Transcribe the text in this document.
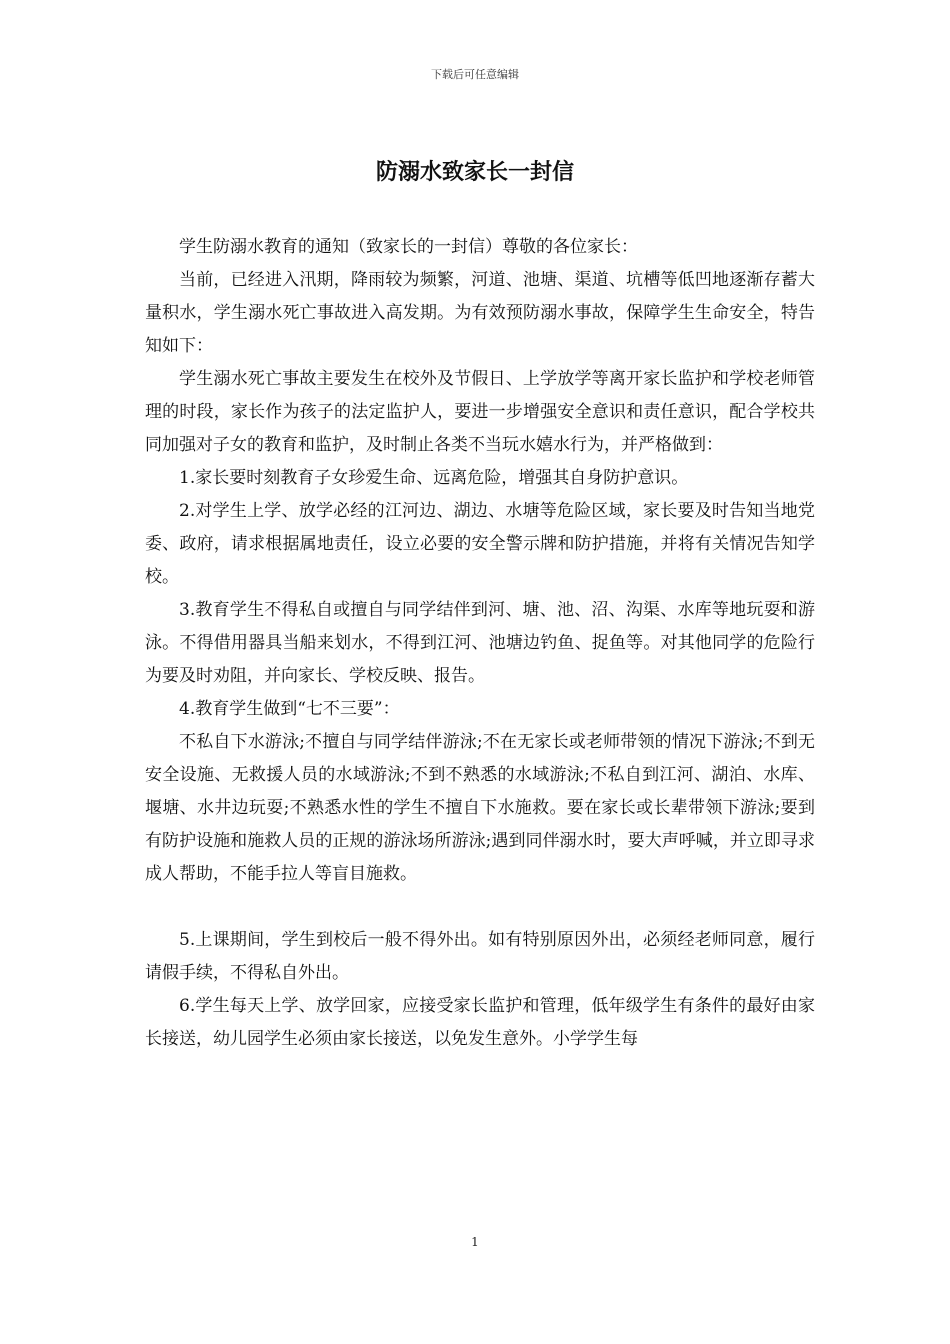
下载后可任意编辑
防溺水致家长一封信

学生防溺水教育的通知（致家长的一封信）尊敬的各位家长：

当前，已经进入汛期，降雨较为频繁，河道、池塘、渠道、坑槽等低凹地逐渐存蓄大量积水，学生溺水死亡事故进入高发期。为有效预防溺水事故，保障学生生命安全，特告知如下：

学生溺水死亡事故主要发生在校外及节假日、上学放学等离开家长监护和学校老师管理的时段，家长作为孩子的法定监护人，要进一步增强安全意识和责任意识，配合学校共同加强对子女的教育和监护，及时制止各类不当玩水嬉水行为，并严格做到：

1.家长要时刻教育子女珍爱生命、远离危险，增强其自身防护意识。

2.对学生上学、放学必经的江河边、湖边、水塘等危险区域，家长要及时告知当地党委、政府，请求根据属地责任，设立必要的安全警示牌和防护措施，并将有关情况告知学校。

3.教育学生不得私自或擅自与同学结伴到河、塘、池、沼、沟渠、水库等地玩耍和游泳。不得借用器具当船来划水，不得到江河、池塘边钓鱼、捉鱼等。对其他同学的危险行为要及时劝阻，并向家长、学校反映、报告。

4.教育学生做到“七不三要”：

不私自下水游泳;不擅自与同学结伴游泳;不在无家长或老师带领的情况下游泳;不到无安全设施、无救援人员的水域游泳;不到不熟悉的水域游泳;不私自到江河、湖泊、水库、堰塘、水井边玩耍;不熟悉水性的学生不擅自下水施救。要在家长或长辈带领下游泳;要到有防护设施和施救人员的正规的游泳场所游泳;遇到同伴溺水时，要大声呼喊，并立即寻求成人帮助，不能手拉人等盲目施救。

5.上课期间，学生到校后一般不得外出。如有特别原因外出，必须经老师同意，履行请假手续，不得私自外出。

6.学生每天上学、放学回家，应接受家长监护和管理，低年级学生有条件的最好由家长接送，幼儿园学生必须由家长接送，以免发生意外。小学学生每

1
